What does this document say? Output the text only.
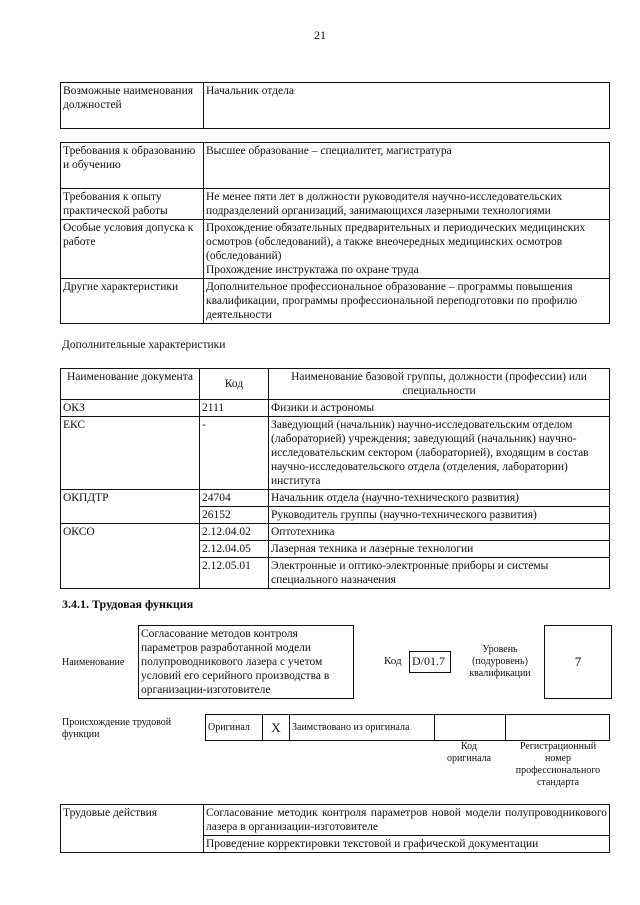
21
Возможные наименования должностей	Начальник отдела
Требования к образованию и обучению	Высшее образование – специалитет, магистратура
Требования к опыту практической работы	Не менее пяти лет в должности руководителя научно-исследовательских подразделений организаций, занимающихся лазерными технологиями
Особые условия допуска к работе	Прохождение обязательных предварительных и периодических медицинских осмотров (обследований), а также внеочередных медицинских осмотров (обследований)
Прохождение инструктажа по охране труда

Другие характеристики	Дополнительное профессиональное образование – программы повышения квалификации, программы профессиональной переподготовки по профилю деятельности
Дополнительные характеристики
Наименование документа	Код	Наименование базовой группы, должности (профессии) или специальности
ОКЗ	2111	Физики и астрономы
ЕКС	-	Заведующий (начальник) научно-исследовательским отделом (лабораторией) учреждения; заведующий (начальник) научно-исследовательским сектором (лабораторией), входящим в состав научно-исследовательского отдела (отделения, лаборатории) института
ОКПДТР	24704	Начальник отдела (научно-технического развития)
	26152	Руководитель группы (научно-технического развития)
ОКСО	2.12.04.02	Оптотехника
	2.12.04.05	Лазерная техника и лазерные технологии
	2.12.05.01	Электронные и оптико-электронные приборы и системы специального назначения
3.4.1. Трудовая функция
Наименование
Согласование методов контроля параметров разработанной модели полупроводникового лазера с учетом условий его серийного производства в организации-изготовителе
Код D/01.7
Уровень (подуровень) квалификации
7
Происхождение трудовой функции
Оригинал	X	Заимствовано из оригинала		
Код оригинала
Регистрационный номер профессионального стандарта
Трудовые действия	Согласование методик контроля параметров новой модели полупроводникового лазера в организации-изготовителе
Проведение корректировки текстовой и графической документации
